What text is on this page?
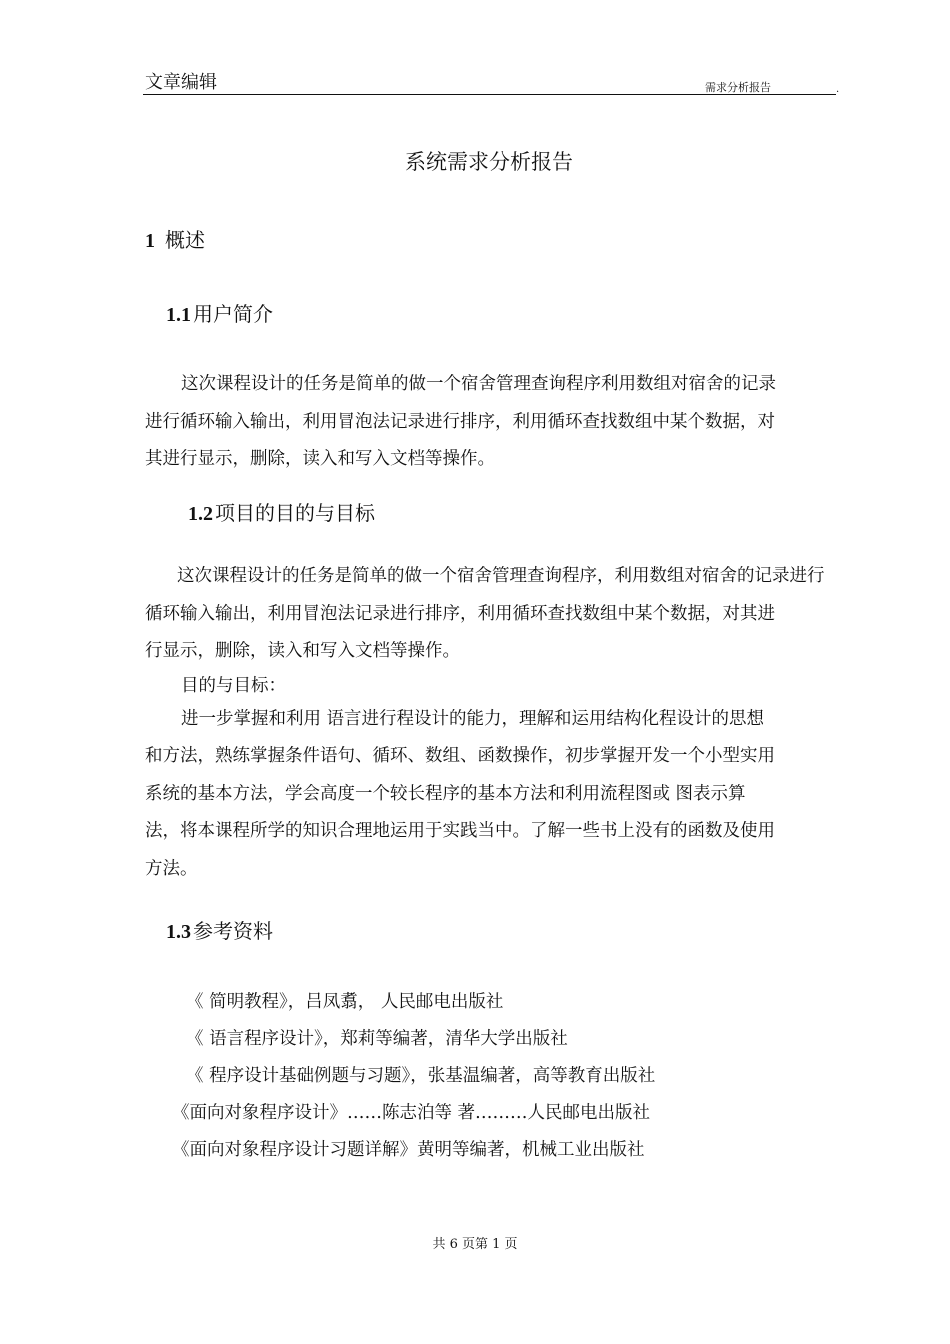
文章编辑	需求分析报告	.
系统需求分析报告
1 概述
1.1 用户简介
这次课程设计的任务是简单的做一个宿舍管理查询程序利用数组对宿舍的记录
进行循环输入输出，利用冒泡法记录进行排序，利用循环查找数组中某个数据，对
其进行显示，删除，读入和写入文档等操作。
1.2 项目的目的与目标
这次课程设计的任务是简单的做一个宿舍管理查询程序，利用数组对宿舍的记录进行
循环输入输出，利用冒泡法记录进行排序，利用循环查找数组中某个数据，对其进
行显示，删除，读入和写入文档等操作。
目的与目标：
进一步掌握和利用 语言进行程设计的能力，理解和运用结构化程设计的思想
和方法，熟练掌握条件语句、循环、数组、函数操作，初步掌握开发一个小型实用
系统的基本方法，学会高度一个较长程序的基本方法和利用流程图或 图表示算
法，将本课程所学的知识合理地运用于实践当中。了解一些书上没有的函数及使用
方法。
1.3 参考资料
《 简明教程》，吕凤翥， 人民邮电出版社
《 语言程序设计》，郑莉等编著，清华大学出版社
《 程序设计基础例题与习题》，张基温编著，高等教育出版社
《面向对象程序设计》……陈志泊等 著………人民邮电出版社
《面向对象程序设计习题详解》黄明等编著，机械工业出版社
共 6 页第 1 页
